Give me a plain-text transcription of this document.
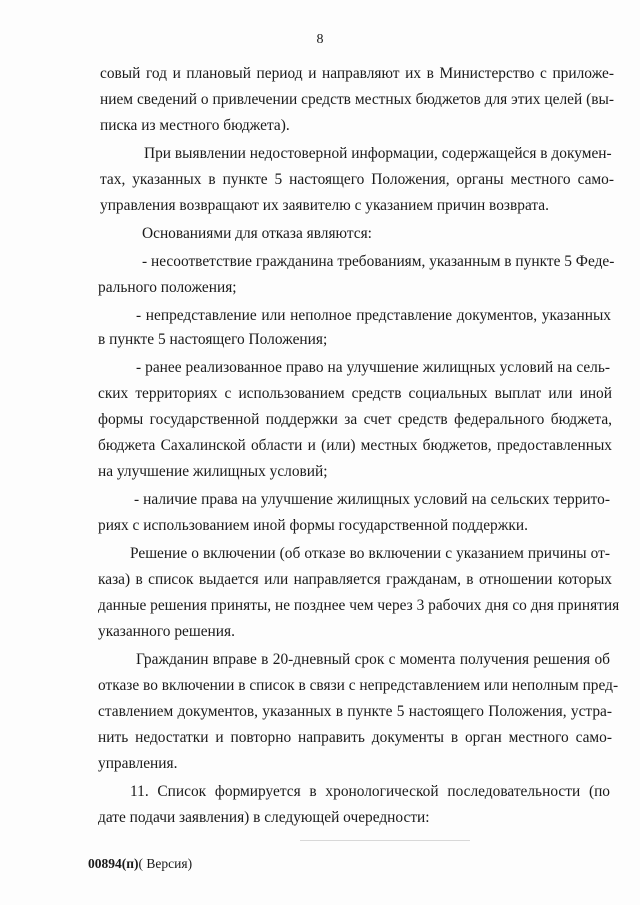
8
совый год и плановый период и направляют их в Министерство с приложе-
нием сведений о привлечении средств местных бюджетов для этих целей (вы-
писка из местного бюджета).
При выявлении недостоверной информации, содержащейся в докумен-
тах, указанных в пункте 5 настоящего Положения, органы местного само-
управления возвращают их заявителю с указанием причин возврата.
Основаниями для отказа являются:
- несоответствие гражданина требованиям, указанным в пункте 5 Феде-
рального положения;
- непредставление или неполное представление документов, указанных
в пункте 5 настоящего Положения;
- ранее реализованное право на улучшение жилищных условий на сель-
ских территориях с использованием средств социальных выплат или иной
формы государственной поддержки за счет средств федерального бюджета,
бюджета Сахалинской области и (или) местных бюджетов, предоставленных
на улучшение жилищных условий;
- наличие права на улучшение жилищных условий на сельских террито-
риях с использованием иной формы государственной поддержки.
Решение о включении (об отказе во включении с указанием причины от-
каза) в список выдается или направляется гражданам, в отношении которых
данные решения приняты, не позднее чем через 3 рабочих дня со дня принятия
указанного решения.
Гражданин вправе в 20-дневный срок с момента получения решения об
отказе во включении в список в связи с непредставлением или неполным пред-
ставлением документов, указанных в пункте 5 настоящего Положения, устра-
нить недостатки и повторно направить документы в орган местного само-
управления.
11. Список формируется в хронологической последовательности (по
дате подачи заявления) в следующей очередности:
00894(п)( Версия)
